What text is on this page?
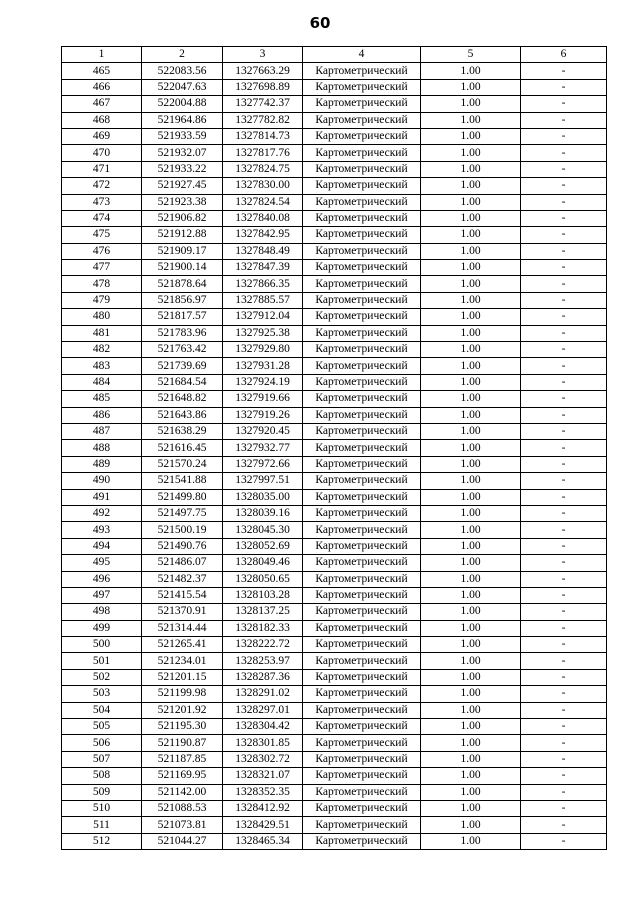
60
1	2	3	4	5	6
465	522083.56	1327663.29	Картометрический	1.00	-
466	522047.63	1327698.89	Картометрический	1.00	-
467	522004.88	1327742.37	Картометрический	1.00	-
468	521964.86	1327782.82	Картометрический	1.00	-
469	521933.59	1327814.73	Картометрический	1.00	-
470	521932.07	1327817.76	Картометрический	1.00	-
471	521933.22	1327824.75	Картометрический	1.00	-
472	521927.45	1327830.00	Картометрический	1.00	-
473	521923.38	1327824.54	Картометрический	1.00	-
474	521906.82	1327840.08	Картометрический	1.00	-
475	521912.88	1327842.95	Картометрический	1.00	-
476	521909.17	1327848.49	Картометрический	1.00	-
477	521900.14	1327847.39	Картометрический	1.00	-
478	521878.64	1327866.35	Картометрический	1.00	-
479	521856.97	1327885.57	Картометрический	1.00	-
480	521817.57	1327912.04	Картометрический	1.00	-
481	521783.96	1327925.38	Картометрический	1.00	-
482	521763.42	1327929.80	Картометрический	1.00	-
483	521739.69	1327931.28	Картометрический	1.00	-
484	521684.54	1327924.19	Картометрический	1.00	-
485	521648.82	1327919.66	Картометрический	1.00	-
486	521643.86	1327919.26	Картометрический	1.00	-
487	521638.29	1327920.45	Картометрический	1.00	-
488	521616.45	1327932.77	Картометрический	1.00	-
489	521570.24	1327972.66	Картометрический	1.00	-
490	521541.88	1327997.51	Картометрический	1.00	-
491	521499.80	1328035.00	Картометрический	1.00	-
492	521497.75	1328039.16	Картометрический	1.00	-
493	521500.19	1328045.30	Картометрический	1.00	-
494	521490.76	1328052.69	Картометрический	1.00	-
495	521486.07	1328049.46	Картометрический	1.00	-
496	521482.37	1328050.65	Картометрический	1.00	-
497	521415.54	1328103.28	Картометрический	1.00	-
498	521370.91	1328137.25	Картометрический	1.00	-
499	521314.44	1328182.33	Картометрический	1.00	-
500	521265.41	1328222.72	Картометрический	1.00	-
501	521234.01	1328253.97	Картометрический	1.00	-
502	521201.15	1328287.36	Картометрический	1.00	-
503	521199.98	1328291.02	Картометрический	1.00	-
504	521201.92	1328297.01	Картометрический	1.00	-
505	521195.30	1328304.42	Картометрический	1.00	-
506	521190.87	1328301.85	Картометрический	1.00	-
507	521187.85	1328302.72	Картометрический	1.00	-
508	521169.95	1328321.07	Картометрический	1.00	-
509	521142.00	1328352.35	Картометрический	1.00	-
510	521088.53	1328412.92	Картометрический	1.00	-
511	521073.81	1328429.51	Картометрический	1.00	-
512	521044.27	1328465.34	Картометрический	1.00	-
